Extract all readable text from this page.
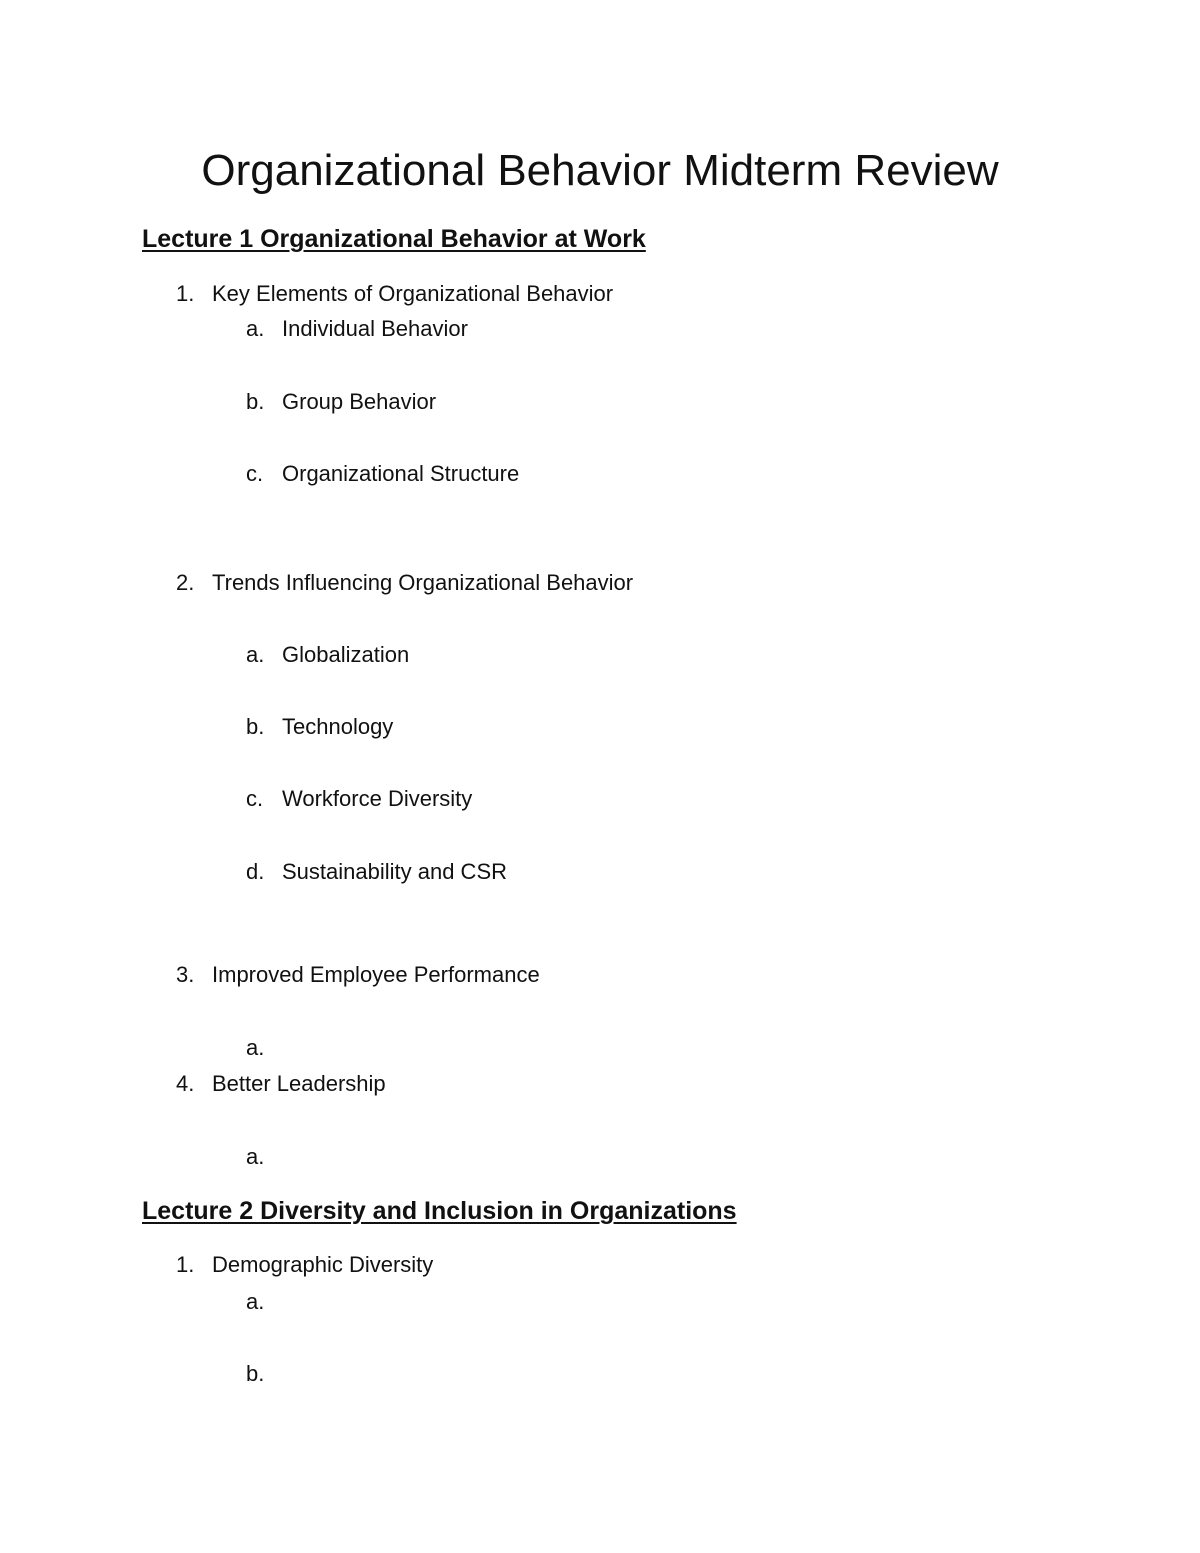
Organizational Behavior Midterm Review
Lecture 1 Organizational Behavior at Work
1. Key Elements of Organizational Behavior
a. Individual Behavior
b. Group Behavior
c. Organizational Structure
2. Trends Influencing Organizational Behavior
a. Globalization
b. Technology
c. Workforce Diversity
d. Sustainability and CSR
3. Improved Employee Performance
a.
4. Better Leadership
a.
Lecture 2 Diversity and Inclusion in Organizations
1. Demographic Diversity
a.
b.
